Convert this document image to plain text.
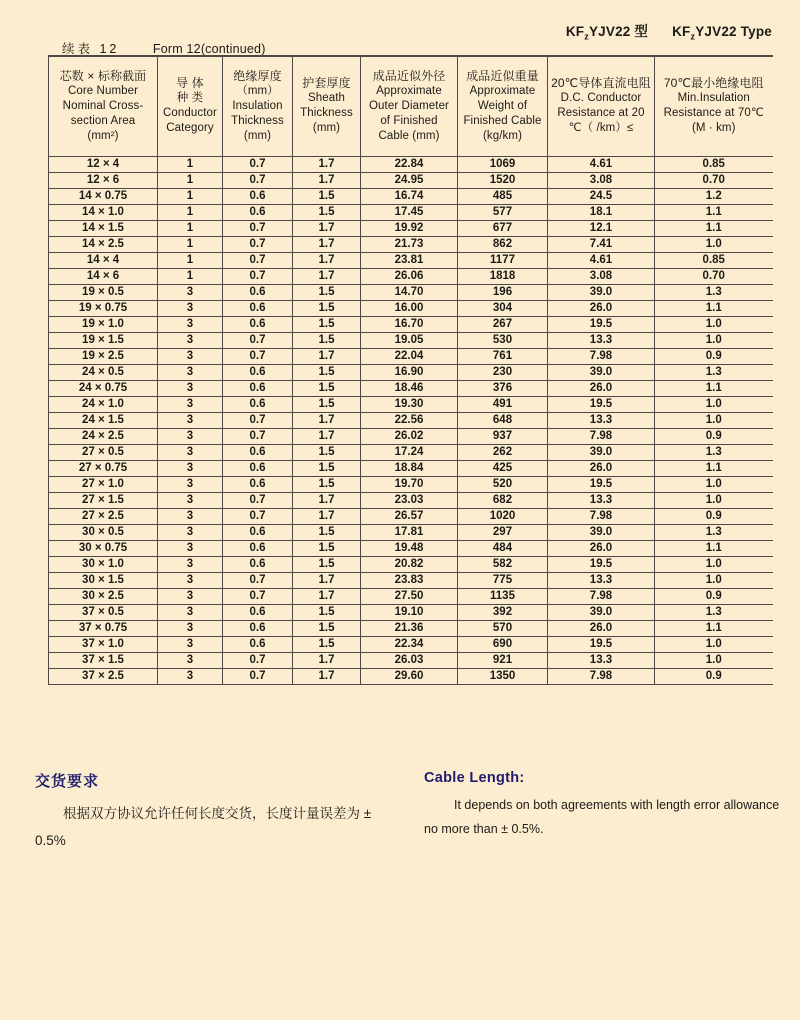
$KF_zYJV22$ 型 $KF_zYJV22$ Type
续表 12	Form 12(continued)
芯数 × 标称截面
Core Number
Nominal Cross-
section Area
(mm²)

导 体
种 类
Conductor
Category

绝缘厚度
（mm）
Insulation
Thickness
(mm)

护套厚度
Sheath
Thickness
(mm)

成品近似外径
Approximate
Outer Diameter
of Finished
Cable (mm)

成品近似重量
Approximate
Weight of
Finished Cable
(kg/km)

20℃导体直流电阻
D.C. Conductor
Resistance at 20
℃（ /km）≤

70℃最小绝缘电阻
Min.Insulation
Resistance at 70℃
(M · km)

12 × 4	1	0.7	1.7	22.84	1069	4.61	0.85
12 × 6	1	0.7	1.7	24.95	1520	3.08	0.70
14 × 0.75	1	0.6	1.5	16.74	485	24.5	1.2
14 × 1.0	1	0.6	1.5	17.45	577	18.1	1.1
14 × 1.5	1	0.7	1.7	19.92	677	12.1	1.1
14 × 2.5	1	0.7	1.7	21.73	862	7.41	1.0
14 × 4	1	0.7	1.7	23.81	1177	4.61	0.85
14 × 6	1	0.7	1.7	26.06	1818	3.08	0.70
19 × 0.5	3	0.6	1.5	14.70	196	39.0	1.3
19 × 0.75	3	0.6	1.5	16.00	304	26.0	1.1
19 × 1.0	3	0.6	1.5	16.70	267	19.5	1.0
19 × 1.5	3	0.7	1.5	19.05	530	13.3	1.0
19 × 2.5	3	0.7	1.7	22.04	761	7.98	0.9
24 × 0.5	3	0.6	1.5	16.90	230	39.0	1.3
24 × 0.75	3	0.6	1.5	18.46	376	26.0	1.1
24 × 1.0	3	0.6	1.5	19.30	491	19.5	1.0
24 × 1.5	3	0.7	1.7	22.56	648	13.3	1.0
24 × 2.5	3	0.7	1.7	26.02	937	7.98	0.9
27 × 0.5	3	0.6	1.5	17.24	262	39.0	1.3
27 × 0.75	3	0.6	1.5	18.84	425	26.0	1.1
27 × 1.0	3	0.6	1.5	19.70	520	19.5	1.0
27 × 1.5	3	0.7	1.7	23.03	682	13.3	1.0
27 × 2.5	3	0.7	1.7	26.57	1020	7.98	0.9
30 × 0.5	3	0.6	1.5	17.81	297	39.0	1.3
30 × 0.75	3	0.6	1.5	19.48	484	26.0	1.1
30 × 1.0	3	0.6	1.5	20.82	582	19.5	1.0
30 × 1.5	3	0.7	1.7	23.83	775	13.3	1.0
30 × 2.5	3	0.7	1.7	27.50	1135	7.98	0.9
37 × 0.5	3	0.6	1.5	19.10	392	39.0	1.3
37 × 0.75	3	0.6	1.5	21.36	570	26.0	1.1
37 × 1.0	3	0.6	1.5	22.34	690	19.5	1.0
37 × 1.5	3	0.7	1.7	26.03	921	13.3	1.0
37 × 2.5	3	0.7	1.7	29.60	1350	7.98	0.9
交货要求
根据双方协议允许任何长度交货，长度计量误差为 ±
0.5%
Cable Length:
It depends on both agreements with length error allowance
no more than ± 0.5%.
